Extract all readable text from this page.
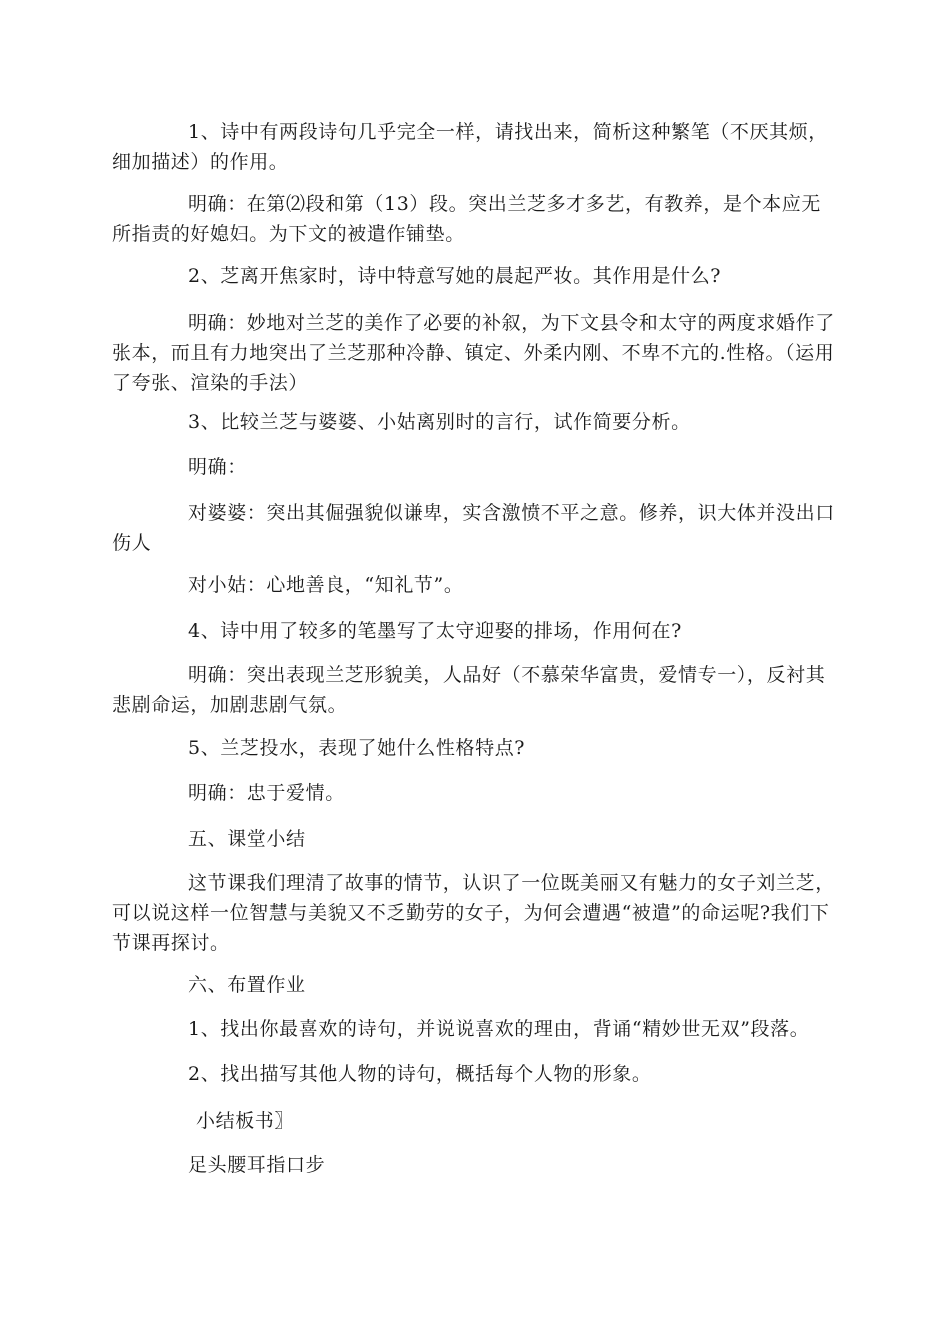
1、诗中有两段诗句几乎完全一样，请找出来，简析这种繁笔（不厌其烦，细加描述）的作用。

明确：在第⑵段和第（13）段。突出兰芝多才多艺，有教养，是个本应无所指责的好媳妇。为下文的被遣作铺垫。

2、芝离开焦家时，诗中特意写她的晨起严妆。其作用是什么?

明确：妙地对兰芝的美作了必要的补叙，为下文县令和太守的两度求婚作了张本，而且有力地突出了兰芝那种冷静、镇定、外柔内刚、不卑不亢的.性格。（运用了夸张、渲染的手法）

3、比较兰芝与婆婆、小姑离别时的言行，试作简要分析。

明确：

对婆婆：突出其倔强貌似谦卑，实含激愤不平之意。修养，识大体并没出口伤人

对小姑：心地善良，“知礼节”。

4、诗中用了较多的笔墨写了太守迎娶的排场，作用何在?

明确：突出表现兰芝形貌美，人品好（不慕荣华富贵，爱情专一），反衬其悲剧命运，加剧悲剧气氛。

5、兰芝投水，表现了她什么性格特点?

明确：忠于爱情。

五、课堂小结

这节课我们理清了故事的情节，认识了一位既美丽又有魅力的女子刘兰芝，可以说这样一位智慧与美貌又不乏勤劳的女子，为何会遭遇“被遣”的命运呢?我们下节课再探讨。

六、布置作业

1、找出你最喜欢的诗句，并说说喜欢的理由，背诵“精妙世无双”段落。

2、找出描写其他人物的诗句，概括每个人物的形象。

小结板书〗

足头腰耳指口步
